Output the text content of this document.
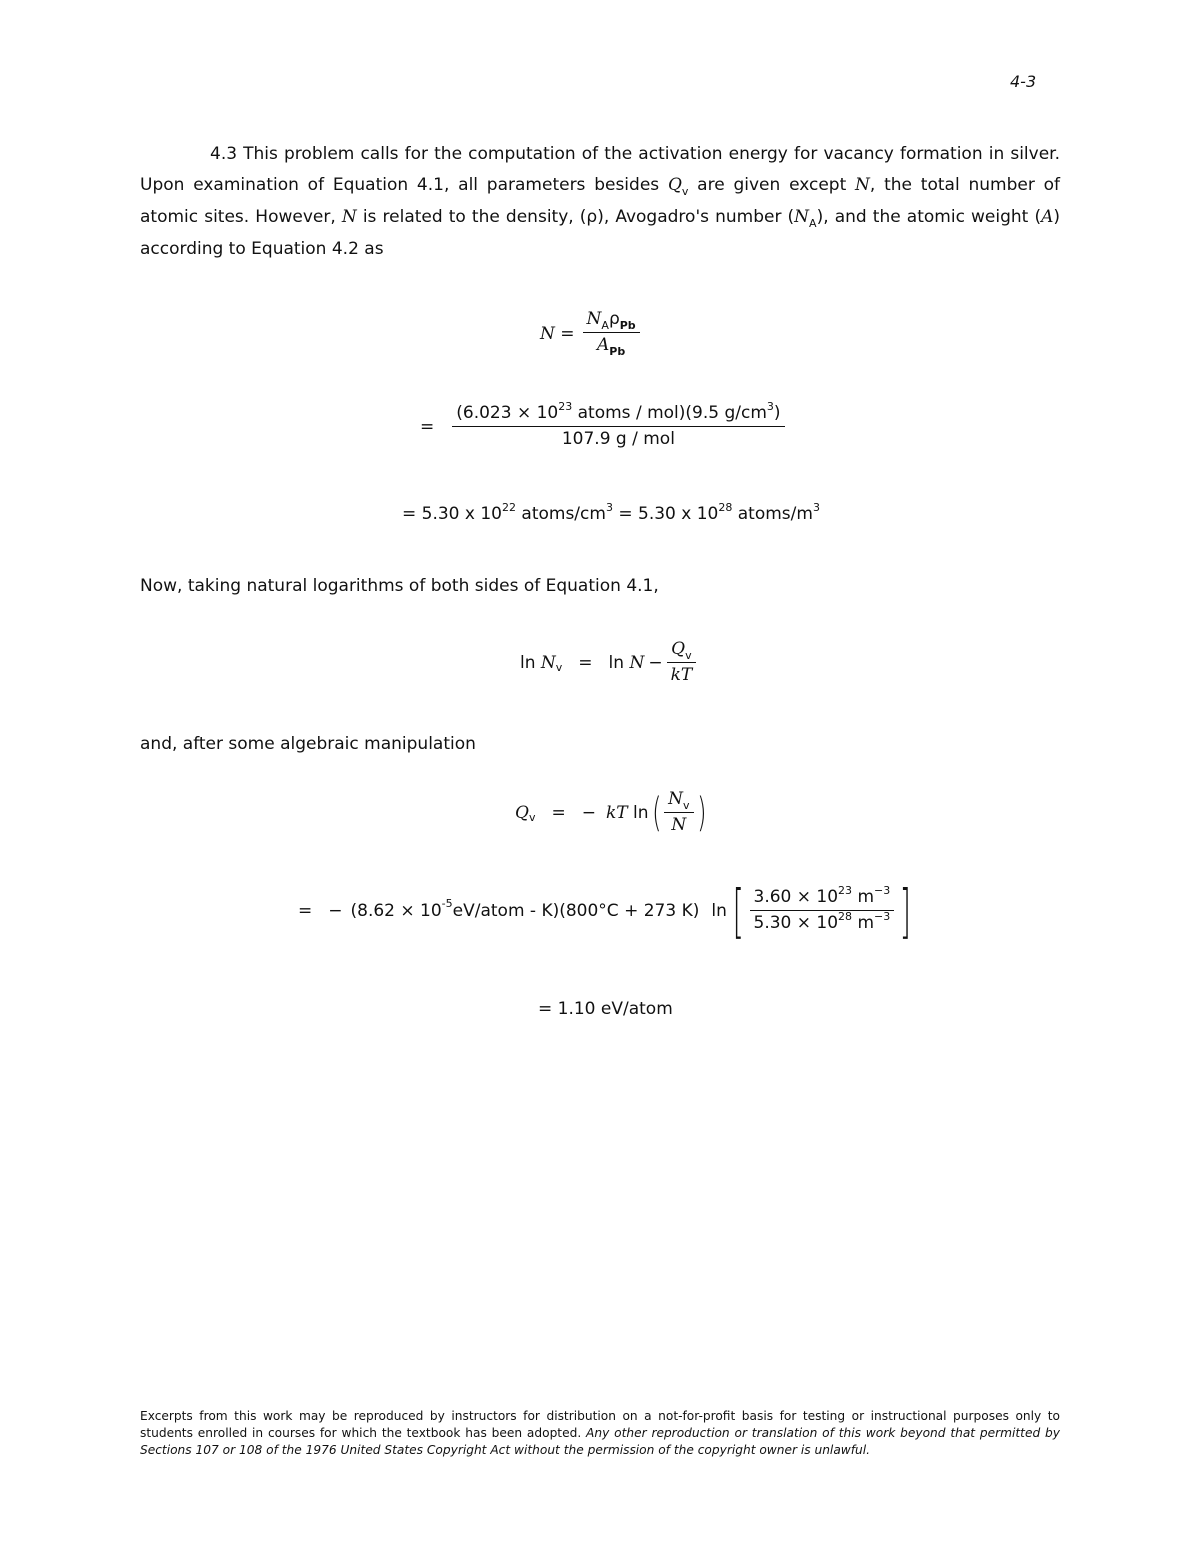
4-3
4.3 This problem calls for the computation of the activation energy for vacancy formation in silver. Upon examination of Equation 4.1, all parameters besides $Q_v$ are given except N, the total number of atomic sites. However, N is related to the density, (ρ), Avogadro's number $(N_A)$, and the atomic weight (A) according to Equation 4.2 as
$N = \frac{N_A\rho_{Pb}}{A_{Pb}}$
= $\frac{(6.023 \times 10^{23} atoms / mol)(9.5 g/cm^3)}{\text{107.9 g / mol}}$
= 5.30 x $10^{22}$ atoms/$cm^3 = 5.30$ x $10^{28}$ atoms/$m^3$
Now, taking natural logarithms of both sides of Equation 4.1,
ln
N v = ln
$N - \frac{Q_v}{kT}$
and, after some algebraic manipulation
Q v = − kT
ln ( $\frac{N_v}{N}$ )
= − (8.62 × 10 -5 eV/atom - K)(800°C + 273 K) ln [ $\frac{3.60 \times 10^{23} m^{-3}}{5.30 \times 10^{28} m^{-3}}$ ]
= 1.10 eV/atom
Excerpts from this work may be reproduced by instructors for distribution on a not-for-profit basis for testing or instructional purposes only to students enrolled in courses for which the textbook has been adopted. Any other reproduction or translation of this work beyond that permitted by Sections 107 or 108 of the 1976 United States Copyright Act without the permission of the copyright owner is unlawful.
